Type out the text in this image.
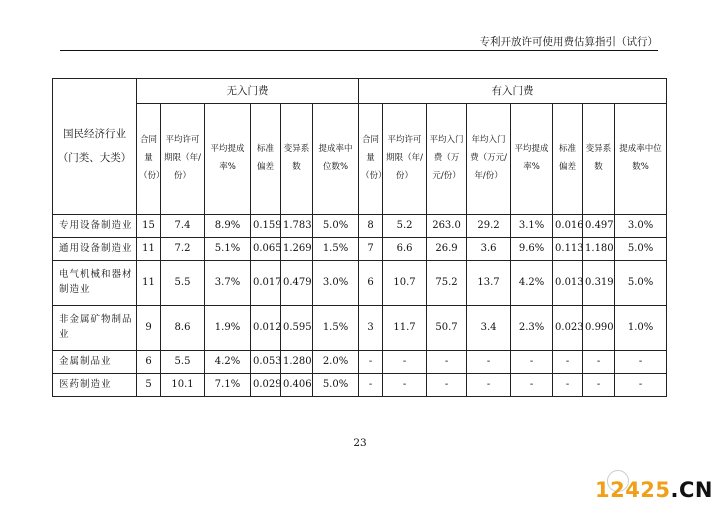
专利开放许可使用费估算指引（试行）
国民经济行业
（门类、大类）	无入门费						有入门费							
	合同量（份）	平均许可期限（年/份）	平均提成率%	标准偏差	变异系数	提成率中位数%	合同量（份）	平均许可期限（年/份）	平均入门费（万元/份）	年均入门费（万元/年/份）	平均提成率%	标准偏差	变异系数	提成率中位数%
专用设备制造业	15	7.4	8.9%	0.159	1.783	5.0%	8	5.2	263.0	29.2	3.1%	0.016	0.497	3.0%
通用设备制造业	11	7.2	5.1%	0.065	1.269	1.5%	7	6.6	26.9	3.6	9.6%	0.113	1.180	5.0%
电气机械和器材制造业	11	5.5	3.7%	0.017	0.479	3.0%	6	10.7	75.2	13.7	4.2%	0.013	0.319	5.0%
非金属矿物制品业	9	8.6	1.9%	0.012	0.595	1.5%	3	11.7	50.7	3.4	2.3%	0.023	0.990	1.0%
金属制品业	6	5.5	4.2%	0.053	1.280	2.0%	-	-	-	-	-	-	-	-
医药制造业	5	10.1	7.1%	0.029	0.406	5.0%	-	-	-	-	-	-	-	-
23
12425.CN
